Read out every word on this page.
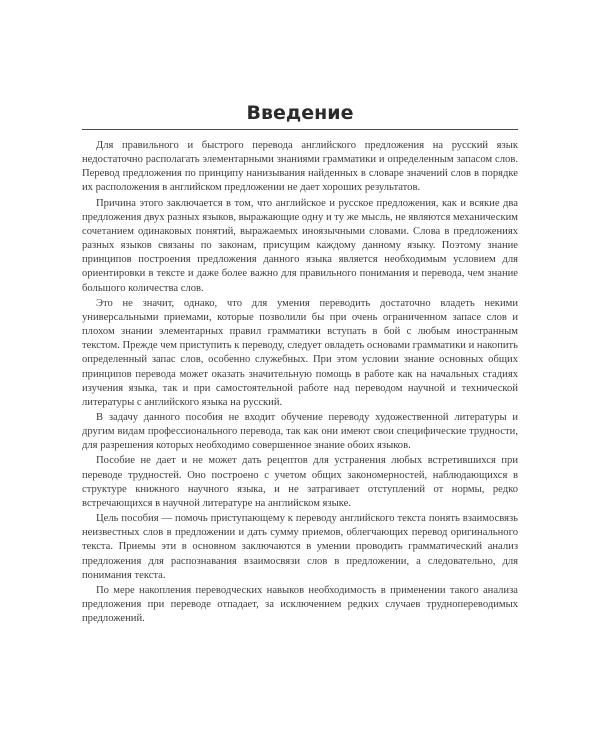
Введение

Для правильного и быстрого перевода английского предложения на русский язык недостаточно располагать элементарными знаниями грамматики и определенным запасом слов. Перевод предложения по принципу нанизывания найденных в словаре значений слов в порядке их расположения в английском предложении не дает хороших результатов.

Причина этого заключается в том, что английское и русское предложения, как и всякие два предложения двух разных языков, выражающие одну и ту же мысль, не являются механическим сочетанием одинаковых понятий, выражаемых иноязычными словами. Слова в предложениях разных языков связаны по законам, присущим каждому данному языку. Поэтому знание принципов построения предложения данного языка является необходимым условием для ориентировки в тексте и даже более важно для правильного понимания и перевода, чем знание большого количества слов.

Это не значит, однако, что для умения переводить достаточно владеть некими универсальными приемами, которые позволили бы при очень ограниченном запасе слов и плохом знании элементарных правил грамматики вступать в бой с любым иностранным текстом. Прежде чем приступить к переводу, следует овладеть основами грамматики и накопить определенный запас слов, особенно служебных. При этом условии знание основных общих принципов перевода может оказать значительную помощь в работе как на начальных стадиях изучения языка, так и при самостоятельной работе над переводом научной и технической литературы с английского языка на русский.

В задачу данного пособия не входит обучение переводу художественной литературы и другим видам профессионального перевода, так как они имеют свои специфические трудности, для разрешения которых необходимо совершенное знание обоих языков.

Пособие не дает и не может дать рецептов для устранения любых встретившихся при переводе трудностей. Оно построено с учетом общих закономерностей, наблюдающихся в структуре книжного научного языка, и не затрагивает отступлений от нормы, редко встречающихся в научной литературе на английском языке.

Цель пособия — помочь приступающему к переводу английского текста понять взаимосвязь неизвестных слов в предложении и дать сумму приемов, облегчающих перевод оригинального текста. Приемы эти в основном заключаются в умении проводить грамматический анализ предложения для распознавания взаимосвязи слов в предложении, а следовательно, для понимания текста.

По мере накопления переводческих навыков необходимость в применении такого анализа предложения при переводе отпадает, за исключением редких случаев труднопереводимых предложений.
